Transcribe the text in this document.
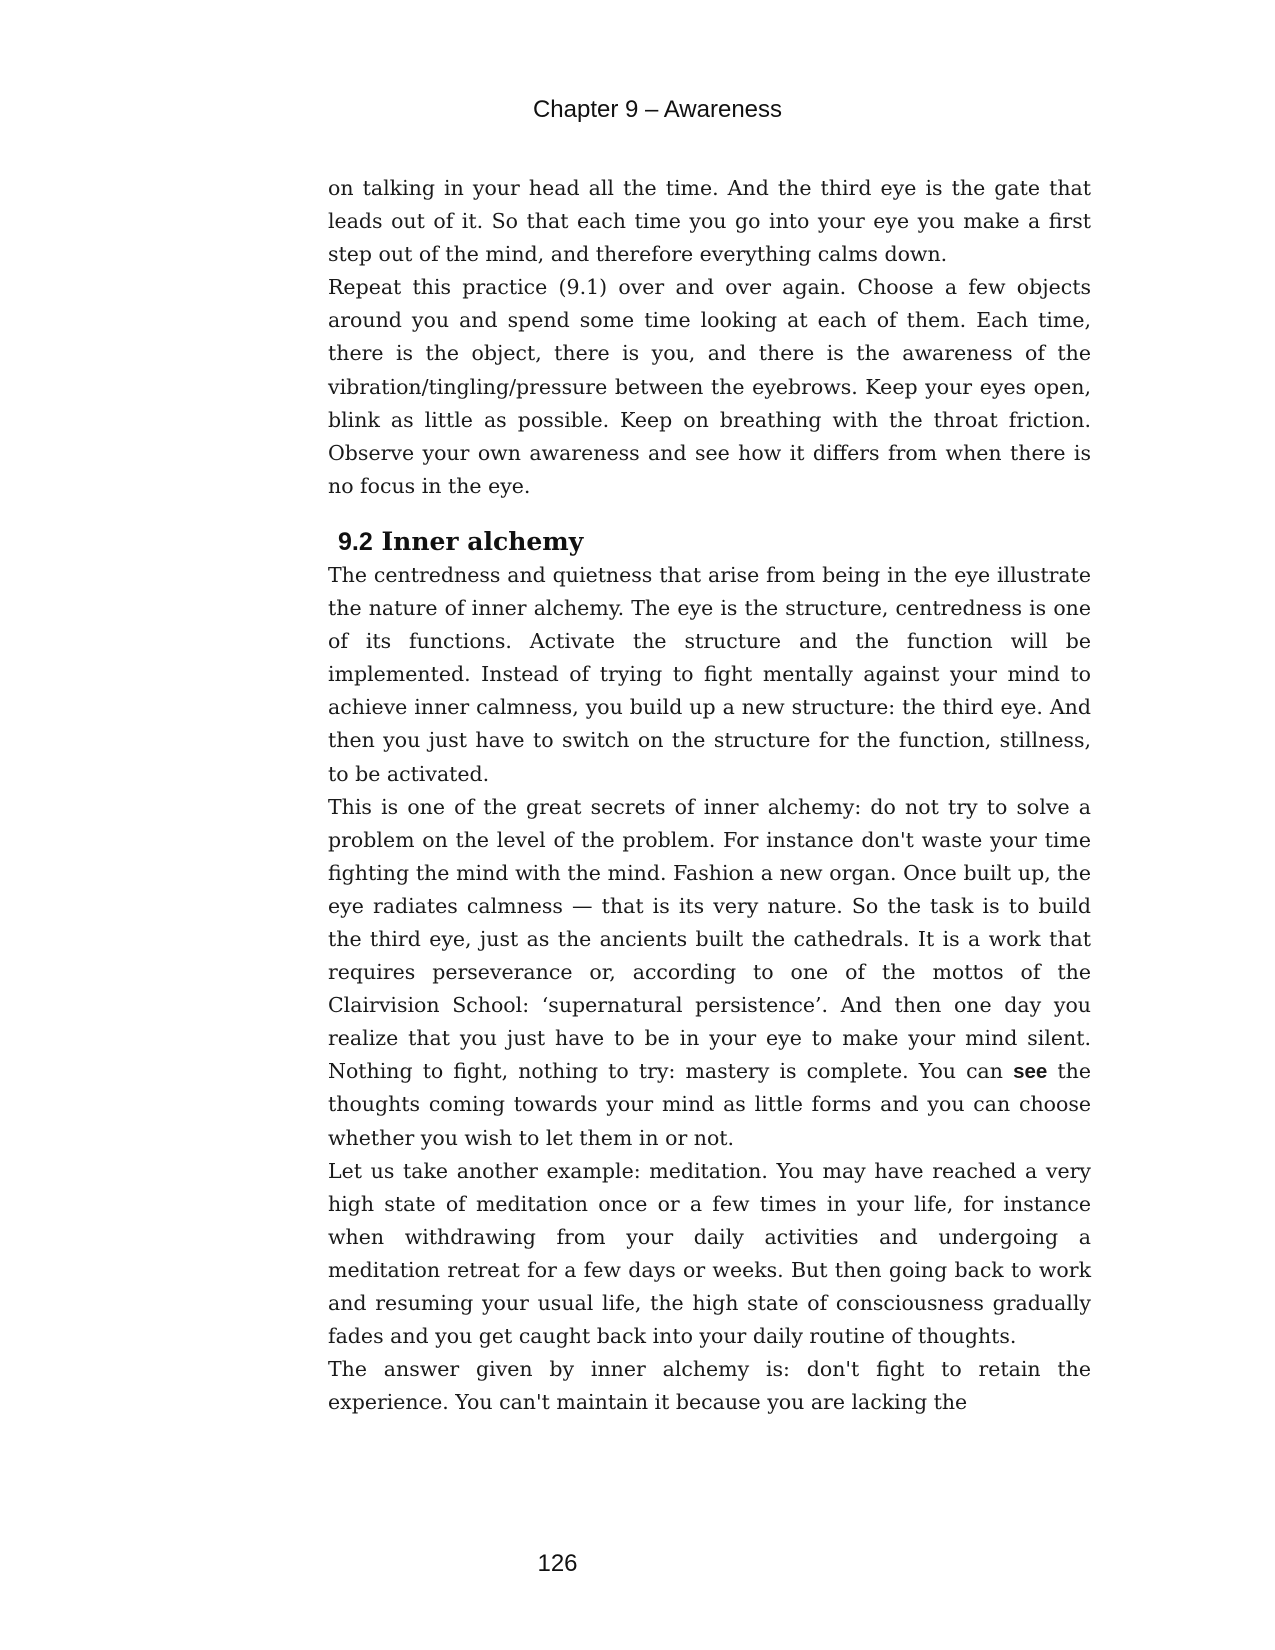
Chapter 9 – Awareness

on talking in your head all the time. And the third eye is the gate that leads out of it. So that each time you go into your eye you make a first step out of the mind, and therefore everything calms down.

Repeat this practice (9.1) over and over again. Choose a few objects around you and spend some time looking at each of them. Each time, there is the object, there is you, and there is the awareness of the vibration/tingling/pressure between the eyebrows. Keep your eyes open, blink as little as possible. Keep on breathing with the throat friction. Observe your own awareness and see how it differs from when there is no focus in the eye.

9.2 Inner alchemy

The centredness and quietness that arise from being in the eye illustrate the nature of inner alchemy. The eye is the structure, centredness is one of its functions. Activate the structure and the function will be implemented. Instead of trying to fight mentally against your mind to achieve inner calmness, you build up a new structure: the third eye. And then you just have to switch on the structure for the function, stillness, to be activated.

This is one of the great secrets of inner alchemy: do not try to solve a problem on the level of the problem. For instance don't waste your time fighting the mind with the mind. Fashion a new organ. Once built up, the eye radiates calmness — that is its very nature. So the task is to build the third eye, just as the ancients built the cathedrals. It is a work that requires perseverance or, according to one of the mottos of the Clairvision School: ‘supernatural persistence’. And then one day you realize that you just have to be in your eye to make your mind silent. Nothing to fight, nothing to try: mastery is complete. You can see the thoughts coming towards your mind as little forms and you can choose whether you wish to let them in or not.

Let us take another example: meditation. You may have reached a very high state of meditation once or a few times in your life, for instance when withdrawing from your daily activities and undergoing a meditation retreat for a few days or weeks. But then going back to work and resuming your usual life, the high state of consciousness gradually fades and you get caught back into your daily routine of thoughts.

The answer given by inner alchemy is: don't fight to retain the experience. You can't maintain it because you are lacking the

126
